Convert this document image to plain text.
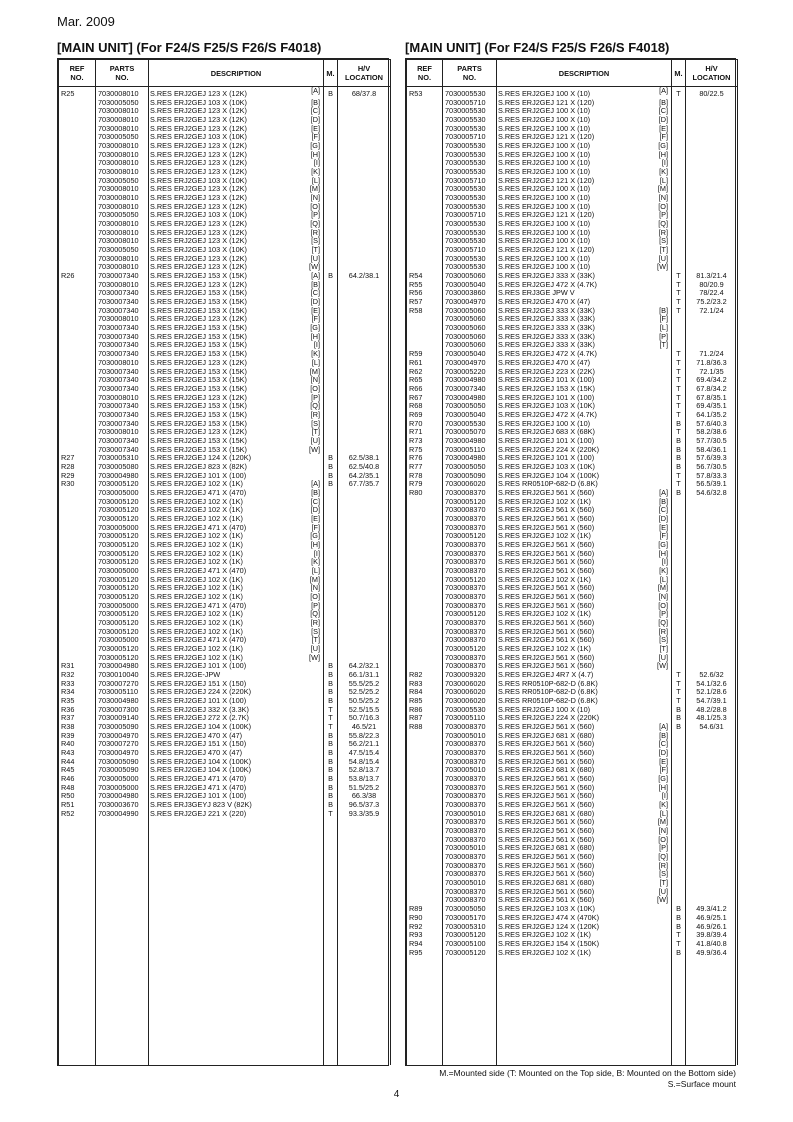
Mar. 2009
[MAIN UNIT] (For F24/S F25/S F26/S F4018)	[MAIN UNIT] (For F24/S F25/S F26/S F4018)
REF
NO.	PARTS
NO.	DESCRIPTION	M.	H/V
LOCATION
R25	7030008010	S.RES ERJ2GEJ 123 X (12K) [A]	B	68/37.8
	7030005050	S.RES ERJ2GEJ 103 X (10K) [B]		

	7030008010	S.RES ERJ2GEJ 123 X (12K) [C]		

	7030008010	S.RES ERJ2GEJ 123 X (12K) [D]		

	7030008010	S.RES ERJ2GEJ 123 X (12K) [E]		

	7030005050	S.RES ERJ2GEJ 103 X (10K) [F]		

	7030008010	S.RES ERJ2GEJ 123 X (12K) [G]		

	7030008010	S.RES ERJ2GEJ 123 X (12K) [H]		

	7030008010	S.RES ERJ2GEJ 123 X (12K) [I]		

	7030008010	S.RES ERJ2GEJ 123 X (12K) [K]		

	7030005050	S.RES ERJ2GEJ 103 X (10K) [L]		

	7030008010	S.RES ERJ2GEJ 123 X (12K) [M]		

	7030008010	S.RES ERJ2GEJ 123 X (12K) [N]		

	7030008010	S.RES ERJ2GEJ 123 X (12K) [O]		

	7030005050	S.RES ERJ2GEJ 103 X (10K) [P]		

	7030008010	S.RES ERJ2GEJ 123 X (12K) [Q]		

	7030008010	S.RES ERJ2GEJ 123 X (12K) [R]		

	7030008010	S.RES ERJ2GEJ 123 X (12K) [S]		

	7030005050	S.RES ERJ2GEJ 103 X (10K) [T]		

	7030008010	S.RES ERJ2GEJ 123 X (12K) [U]		

	7030008010	S.RES ERJ2GEJ 123 X (12K) [W]		

R26	7030007340	S.RES ERJ2GEJ 153 X (15K) [A]	B	64.2/38.1
	7030008010	S.RES ERJ2GEJ 123 X (12K) [B]		

	7030007340	S.RES ERJ2GEJ 153 X (15K) [C]		

	7030007340	S.RES ERJ2GEJ 153 X (15K) [D]		

	7030007340	S.RES ERJ2GEJ 153 X (15K) [E]		

	7030008010	S.RES ERJ2GEJ 123 X (12K) [F]		

	7030007340	S.RES ERJ2GEJ 153 X (15K) [G]		

	7030007340	S.RES ERJ2GEJ 153 X (15K) [H]		

	7030007340	S.RES ERJ2GEJ 153 X (15K) [I]		

	7030007340	S.RES ERJ2GEJ 153 X (15K) [K]		

	7030008010	S.RES ERJ2GEJ 123 X (12K) [L]		

	7030007340	S.RES ERJ2GEJ 153 X (15K) [M]		

	7030007340	S.RES ERJ2GEJ 153 X (15K) [N]		

	7030007340	S.RES ERJ2GEJ 153 X (15K) [O]		

	7030008010	S.RES ERJ2GEJ 123 X (12K) [P]		

	7030007340	S.RES ERJ2GEJ 153 X (15K) [Q]		

	7030007340	S.RES ERJ2GEJ 153 X (15K) [R]		

	7030007340	S.RES ERJ2GEJ 153 X (15K) [S]		

	7030008010	S.RES ERJ2GEJ 123 X (12K) [T]		

	7030007340	S.RES ERJ2GEJ 153 X (15K) [U]		

	7030007340	S.RES ERJ2GEJ 153 X (15K) [W]		

R27	7030005310	S.RES ERJ2GEJ 124 X (120K)	B	62.5/38.1
R28	7030005080	S.RES ERJ2GEJ 823 X (82K)	B	62.5/40.8
R29	7030004980	S.RES ERJ2GEJ 101 X (100)	B	64.2/35.1
R30	7030005120	S.RES ERJ2GEJ 102 X (1K) [A]	B	67.7/35.7
	7030005000	S.RES ERJ2GEJ 471 X (470) [B]		

	7030005120	S.RES ERJ2GEJ 102 X (1K) [C]		

	7030005120	S.RES ERJ2GEJ 102 X (1K) [D]		

	7030005120	S.RES ERJ2GEJ 102 X (1K) [E]		

	7030005000	S.RES ERJ2GEJ 471 X (470) [F]		

	7030005120	S.RES ERJ2GEJ 102 X (1K) [G]		

	7030005120	S.RES ERJ2GEJ 102 X (1K) [H]		

	7030005120	S.RES ERJ2GEJ 102 X (1K) [I]		

	7030005120	S.RES ERJ2GEJ 102 X (1K) [K]		

	7030005000	S.RES ERJ2GEJ 471 X (470) [L]		

	7030005120	S.RES ERJ2GEJ 102 X (1K) [M]		

	7030005120	S.RES ERJ2GEJ 102 X (1K) [N]		

	7030005120	S.RES ERJ2GEJ 102 X (1K) [O]		

	7030005000	S.RES ERJ2GEJ 471 X (470) [P]		

	7030005120	S.RES ERJ2GEJ 102 X (1K) [Q]		

	7030005120	S.RES ERJ2GEJ 102 X (1K) [R]		

	7030005120	S.RES ERJ2GEJ 102 X (1K) [S]		

	7030005000	S.RES ERJ2GEJ 471 X (470) [T]		

	7030005120	S.RES ERJ2GEJ 102 X (1K) [U]		

	7030005120	S.RES ERJ2GEJ 102 X (1K) [W]		

R31	7030004980	S.RES ERJ2GEJ 101 X (100)	B	64.2/32.1
R32	7030010040	S.RES ERJ2GE-JPW	B	66.1/31.1
R33	7030007270	S.RES ERJ2GEJ 151 X (150)	B	55.5/25.2
R34	7030005110	S.RES ERJ2GEJ 224 X (220K)	B	52.5/25.2
R35	7030004980	S.RES ERJ2GEJ 101 X (100)	B	50.5/25.2
R36	7030007300	S.RES ERJ2GEJ 332 X (3.3K)	T	52.5/15.5
R37	7030009140	S.RES ERJ2GEJ 272 X (2.7K)	T	50.7/16.3
R38	7030005090	S.RES ERJ2GEJ 104 X (100K)	T	46.5/21
R39	7030004970	S.RES ERJ2GEJ 470 X (47)	B	55.8/22.3
R40	7030007270	S.RES ERJ2GEJ 151 X (150)	B	56.2/21.1
R43	7030004970	S.RES ERJ2GEJ 470 X (47)	B	47.5/15.4
R44	7030005090	S.RES ERJ2GEJ 104 X (100K)	B	54.8/15.4
R45	7030005090	S.RES ERJ2GEJ 104 X (100K)	B	52.8/13.7
R46	7030005000	S.RES ERJ2GEJ 471 X (470)	B	53.8/13.7
R48	7030005000	S.RES ERJ2GEJ 471 X (470)	B	51.5/25.2
R50	7030004980	S.RES ERJ2GEJ 101 X (100)	B	66.3/38
R51	7030003670	S.RES ERJ3GEYJ 823 V (82K)	B	96.5/37.3
R52	7030004990	S.RES ERJ2GEJ 221 X (220)	T	93.3/35.9

REF
NO.	PARTS
NO.	DESCRIPTION	M.	H/V
LOCATION
R53	7030005530	S.RES ERJ2GEJ 100 X (10) [A]	T	80/22.5
	7030005710	S.RES ERJ2GEJ 121 X (120) [B]		

	7030005530	S.RES ERJ2GEJ 100 X (10) [C]		

	7030005530	S.RES ERJ2GEJ 100 X (10) [D]		

	7030005530	S.RES ERJ2GEJ 100 X (10) [E]		

	7030005710	S.RES ERJ2GEJ 121 X (120) [F]		

	7030005530	S.RES ERJ2GEJ 100 X (10) [G]		

	7030005530	S.RES ERJ2GEJ 100 X (10) [H]		

	7030005530	S.RES ERJ2GEJ 100 X (10) [I]		

	7030005530	S.RES ERJ2GEJ 100 X (10) [K]		

	7030005710	S.RES ERJ2GEJ 121 X (120) [L]		

	7030005530	S.RES ERJ2GEJ 100 X (10) [M]		

	7030005530	S.RES ERJ2GEJ 100 X (10) [N]		

	7030005530	S.RES ERJ2GEJ 100 X (10) [O]		

	7030005710	S.RES ERJ2GEJ 121 X (120) [P]		

	7030005530	S.RES ERJ2GEJ 100 X (10) [Q]		

	7030005530	S.RES ERJ2GEJ 100 X (10) [R]		

	7030005530	S.RES ERJ2GEJ 100 X (10) [S]		

	7030005710	S.RES ERJ2GEJ 121 X (120) [T]		

	7030005530	S.RES ERJ2GEJ 100 X (10) [U]		

	7030005530	S.RES ERJ2GEJ 100 X (10) [W]		

R54	7030005060	S.RES ERJ2GEJ 333 X (33K)	T	81.3/21.4
R55	7030005040	S.RES ERJ2GEJ 472 X (4.7K)	T	80/20.9
R56	7030003860	S.RES ERJ3GE JPW V	T	78/22.4
R57	7030004970	S.RES ERJ2GEJ 470 X (47)	T	75.2/23.2
R58	7030005060	S.RES ERJ2GEJ 333 X (33K) [B]	T	72.1/24
	7030005060	S.RES ERJ2GEJ 333 X (33K) [F]		

	7030005060	S.RES ERJ2GEJ 333 X (33K) [L]		

	7030005060	S.RES ERJ2GEJ 333 X (33K) [P]		

	7030005060	S.RES ERJ2GEJ 333 X (33K) [T]		

R59	7030005040	S.RES ERJ2GEJ 472 X (4.7K)	T	71.2/24
R61	7030004970	S.RES ERJ2GEJ 470 X (47)	T	71.8/36.3
R62	7030005220	S.RES ERJ2GEJ 223 X (22K)	T	72.1/35
R65	7030004980	S.RES ERJ2GEJ 101 X (100)	T	69.4/34.2
R66	7030007340	S.RES ERJ2GEJ 153 X (15K)	T	67.8/34.2
R67	7030004980	S.RES ERJ2GEJ 101 X (100)	T	67.8/35.1
R68	7030005050	S.RES ERJ2GEJ 103 X (10K)	T	69.4/35.1
R69	7030005040	S.RES ERJ2GEJ 472 X (4.7K)	T	64.1/35.2
R70	7030005530	S.RES ERJ2GEJ 100 X (10)	B	57.6/40.3
R71	7030005070	S.RES ERJ2GEJ 683 X (68K)	T	58.2/38.6
R73	7030004980	S.RES ERJ2GEJ 101 X (100)	B	57.7/30.5
R75	7030005110	S.RES ERJ2GEJ 224 X (220K)	B	58.4/36.1
R76	7030004980	S.RES ERJ2GEJ 101 X (100)	B	57.6/39.3
R77	7030005050	S.RES ERJ2GEJ 103 X (10K)	B	56.7/30.5
R78	7030005090	S.RES ERJ2GEJ 104 X (100K)	T	57.8/33.3
R79	7030006020	S.RES RR0510P-682-D (6.8K)	T	56.5/39.1
R80	7030008370	S.RES ERJ2GEJ 561 X (560) [A]	B	54.6/32.8
	7030005120	S.RES ERJ2GEJ 102 X (1K) [B]		

	7030008370	S.RES ERJ2GEJ 561 X (560) [C]		

	7030008370	S.RES ERJ2GEJ 561 X (560) [D]		

	7030008370	S.RES ERJ2GEJ 561 X (560) [E]		

	7030005120	S.RES ERJ2GEJ 102 X (1K) [F]		

	7030008370	S.RES ERJ2GEJ 561 X (560) [G]		

	7030008370	S.RES ERJ2GEJ 561 X (560) [H]		

	7030008370	S.RES ERJ2GEJ 561 X (560) [I]		

	7030008370	S.RES ERJ2GEJ 561 X (560) [K]		

	7030005120	S.RES ERJ2GEJ 102 X (1K) [L]		

	7030008370	S.RES ERJ2GEJ 561 X (560) [M]		

	7030008370	S.RES ERJ2GEJ 561 X (560) [N]		

	7030008370	S.RES ERJ2GEJ 561 X (560) [O]		

	7030005120	S.RES ERJ2GEJ 102 X (1K) [P]		

	7030008370	S.RES ERJ2GEJ 561 X (560) [Q]		

	7030008370	S.RES ERJ2GEJ 561 X (560) [R]		

	7030008370	S.RES ERJ2GEJ 561 X (560) [S]		

	7030005120	S.RES ERJ2GEJ 102 X (1K) [T]		

	7030008370	S.RES ERJ2GEJ 561 X (560) [U]		

	7030008370	S.RES ERJ2GEJ 561 X (560) [W]		

R82	7030009320	S.RES ERJ2GEJ 4R7 X (4.7)	T	52.6/32
R83	7030006020	S.RES RR0510P-682-D (6.8K)	T	54.1/32.6
R84	7030006020	S.RES RR0510P-682-D (6.8K)	T	52.1/28.6
R85	7030006020	S.RES RR0510P-682-D (6.8K)	T	54.7/39.1
R86	7030005530	S.RES ERJ2GEJ 100 X (10)	B	48.2/28.8
R87	7030005110	S.RES ERJ2GEJ 224 X (220K)	B	48.1/25.3
R88	7030008370	S.RES ERJ2GEJ 561 X (560) [A]	B	54.6/31
	7030005010	S.RES ERJ2GEJ 681 X (680) [B]		

	7030008370	S.RES ERJ2GEJ 561 X (560) [C]		

	7030008370	S.RES ERJ2GEJ 561 X (560) [D]		

	7030008370	S.RES ERJ2GEJ 561 X (560) [E]		

	7030005010	S.RES ERJ2GEJ 681 X (680) [F]		

	7030008370	S.RES ERJ2GEJ 561 X (560) [G]		

	7030008370	S.RES ERJ2GEJ 561 X (560) [H]		

	7030008370	S.RES ERJ2GEJ 561 X (560) [I]		

	7030008370	S.RES ERJ2GEJ 561 X (560) [K]		

	7030005010	S.RES ERJ2GEJ 681 X (680) [L]		

	7030008370	S.RES ERJ2GEJ 561 X (560) [M]		

	7030008370	S.RES ERJ2GEJ 561 X (560) [N]		

	7030008370	S.RES ERJ2GEJ 561 X (560) [O]		

	7030005010	S.RES ERJ2GEJ 681 X (680) [P]		

	7030008370	S.RES ERJ2GEJ 561 X (560) [Q]		

	7030008370	S.RES ERJ2GEJ 561 X (560) [R]		

	7030008370	S.RES ERJ2GEJ 561 X (560) [S]		

	7030005010	S.RES ERJ2GEJ 681 X (680) [T]		

	7030008370	S.RES ERJ2GEJ 561 X (560) [U]		

	7030008370	S.RES ERJ2GEJ 561 X (560) [W]		

R89	7030005050	S.RES ERJ2GEJ 103 X (10K)	B	49.3/41.2
R90	7030005170	S.RES ERJ2GEJ 474 X (470K)	B	46.9/25.1
R92	7030005310	S.RES ERJ2GEJ 124 X (120K)	B	46.9/26.1
R93	7030005120	S.RES ERJ2GEJ 102 X (1K)	T	39.8/39.4
R94	7030005100	S.RES ERJ2GEJ 154 X (150K)	T	41.8/40.8
R95	7030005120	S.RES ERJ2GEJ 102 X (1K)	B	49.9/36.4

M.=Mounted side (T: Mounted on the Top side, B: Mounted on the Bottom side)
S.=Surface mount
4
